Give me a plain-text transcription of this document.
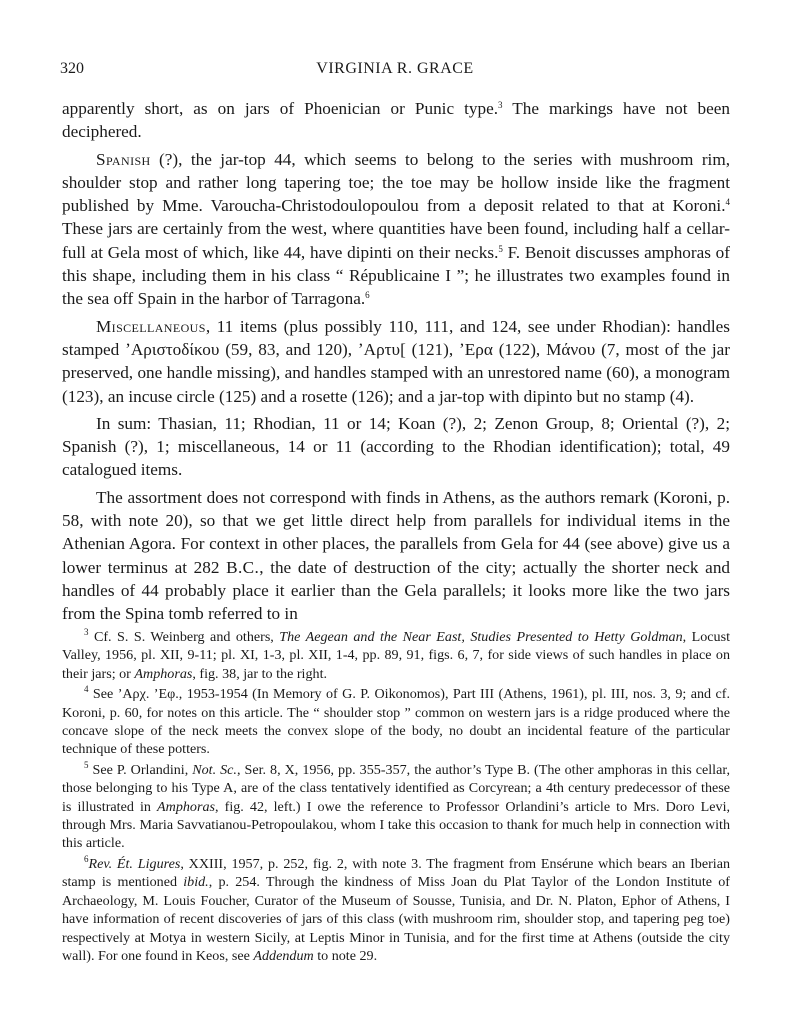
320	VIRGINIA R. GRACE

apparently short, as on jars of Phoenician or Punic type.$^3$ The markings have not been deciphered.

Spanish (?), the jar-top 44, which seems to belong to the series with mushroom rim, shoulder stop and rather long tapering toe; the toe may be hollow inside like the fragment published by Mme. Varoucha-Christodoulopoulou from a deposit related to that at Koroni.$^4$ These jars are certainly from the west, where quantities have been found, including half a cellar-full at Gela most of which, like 44, have dipinti on their necks.$^5$ F. Benoit discusses amphoras of this shape, including them in his class “ Républicaine I ”; he illustrates two examples found in the sea off Spain in the harbor of Tarragona.$^6$

Miscellaneous, 11 items (plus possibly 110, 111, and 124, see under Rhodian): handles stamped ʼΑριστοδίκου (59, 83, and 120), ʼΑρτυ[ (121), ʼΕρα (122), Μάνου (7, most of the jar preserved, one handle missing), and handles stamped with an unrestored name (60), a monogram (123), an incuse circle (125) and a rosette (126); and a jar-top with dipinto but no stamp (4).

In sum: Thasian, 11; Rhodian, 11 or 14; Koan (?), 2; Zenon Group, 8; Oriental (?), 2; Spanish (?), 1; miscellaneous, 14 or 11 (according to the Rhodian identification); total, 49 catalogued items.

The assortment does not correspond with finds in Athens, as the authors remark (Koroni, p. 58, with note 20), so that we get little direct help from parallels for individual items in the Athenian Agora. For context in other places, the parallels from Gela for 44 (see above) give us a lower terminus at 282 B.C., the date of destruction of the city; actually the shorter neck and handles of 44 probably place it earlier than the Gela parallels; it looks more like the two jars from the Spina tomb referred to in

$^3$ Cf. S. S. Weinberg and others, The Aegean and the Near East, Studies Presented to Hetty Goldman, Locust Valley, 1956, pl. XII, 9-11; pl. XI, 1-3, pl. XII, 1-4, pp. 89, 91, figs. 6, 7, for side views of such handles in place on their jars; or Amphoras, fig. 38, jar to the right.

$^4$ See ʼΑρχ. ʼΕφ., 1953-1954 (In Memory of G. P. Oikonomos), Part III (Athens, 1961), pl. III, nos. 3, 9; and cf. Koroni, p. 60, for notes on this article. The “ shoulder stop ” common on western jars is a ridge produced where the concave slope of the neck meets the convex slope of the body, no doubt an incidental feature of the particular technique of these potters.

$^5$ See P. Orlandini, Not. Sc., Ser. 8, X, 1956, pp. 355-357, the author’s Type B. (The other amphoras in this cellar, those belonging to his Type A, are of the class tentatively identified as Corcyrean; a 4th century predecessor of these is illustrated in Amphoras, fig. 42, left.) I owe the reference to Professor Orlandini’s article to Mrs. Doro Levi, through Mrs. Maria Savvatianou-Petropoulakou, whom I take this occasion to thank for much help in connection with this article.

$^6$Rev. Ét. Ligures, XXIII, 1957, p. 252, fig. 2, with note 3. The fragment from Ensérune which bears an Iberian stamp is mentioned ibid., p. 254. Through the kindness of Miss Joan du Plat Taylor of the London Institute of Archaeology, M. Louis Foucher, Curator of the Museum of Sousse, Tunisia, and Dr. N. Platon, Ephor of Athens, I have information of recent discoveries of jars of this class (with mushroom rim, shoulder stop, and tapering peg toe) respectively at Motya in western Sicily, at Leptis Minor in Tunisia, and for the first time at Athens (outside the city wall). For one found in Keos, see Addendum to note 29.
